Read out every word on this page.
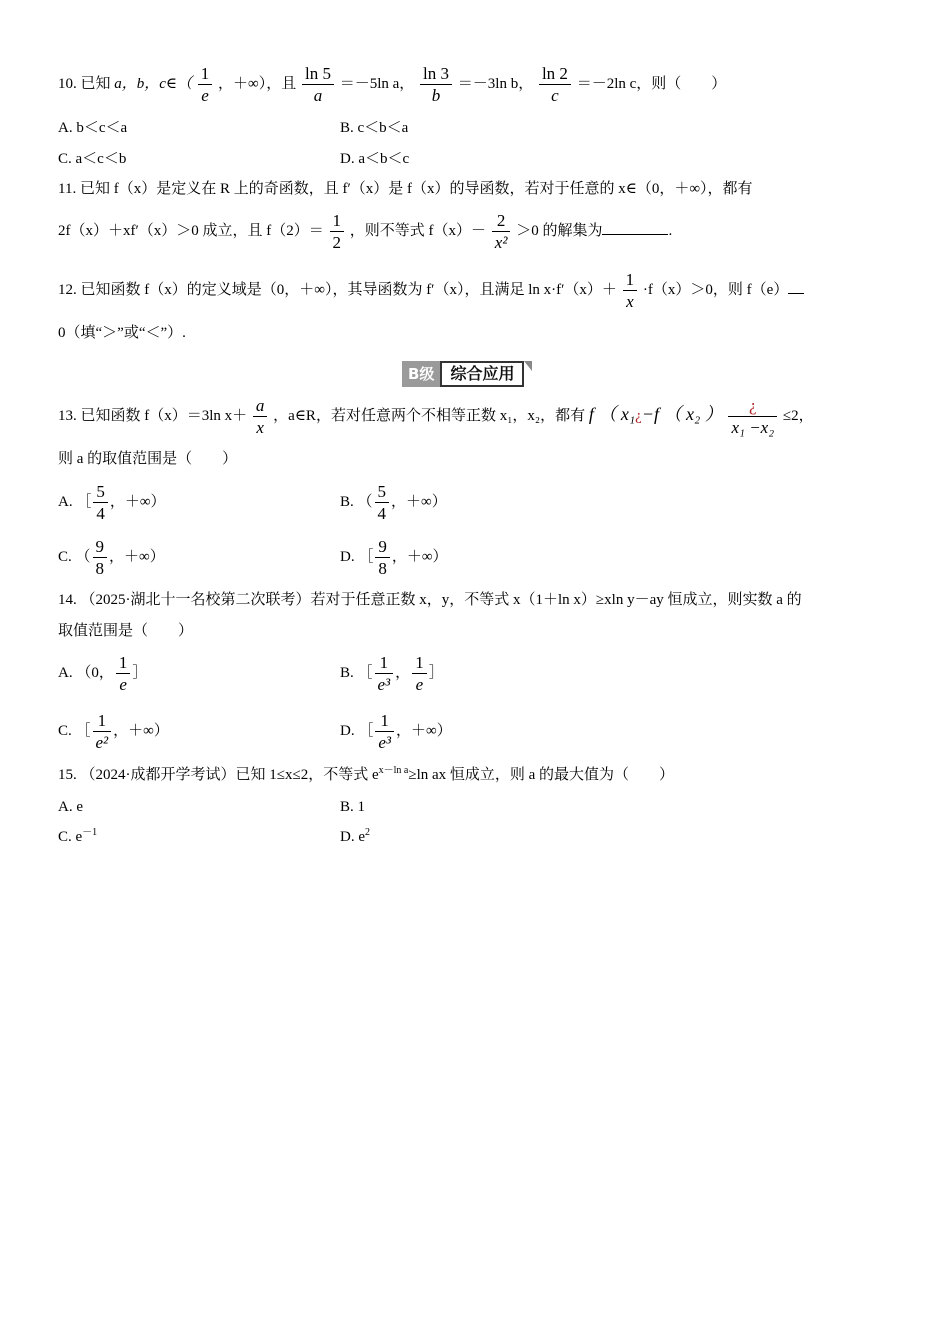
10. 已知 a，b，c∈（ $\frac{1}{e}$ ，＋∞），且 $\frac{\ln 5}{a} =-5\ln$ a， $\frac{\ln 3}{b} =-3\ln$ b， $\frac{\ln 2}{c} =-2\ln$ c，则（　　）
A. b＜c＜a	B. c＜b＜a
C. a＜c＜b	D. a＜b＜c
11. 已知 f（x）是定义在 R 上的奇函数，且 f′（x）是 f（x）的导函数，若对于任意的 x∈（0，＋∞），都有
2f（x）＋xf′（x）＞0 成立，且 $f(2)= \frac{1}{2}$ ，则不等式 $f(x)- \frac{2}{\text{x²}} >0$ 的解集为	.
12. 已知函数 f（x）的定义域是（0，＋∞），其导函数为 f′（x），且满足 $\ln x\cdot f'(x)+ \frac{1}{x} \cdot f(x)>0$，则 f（e）
0（填“＞”或“＜”）.
B级	综合应用
13. 已知函数 f（x）＝3ln $x+ \frac{a}{x}$ ，a∈R，若对任意两个不相等正数 x₁，x₂，都有 f （ x₁¿−f （ x₂ ） $\frac{¿}{\text{x₁ −x₂}} \le 2$，
则 a 的取值范围是（　　）
A. ［ $\frac{5}{4}$ ，＋∞）	B. （ $\frac{5}{4}$ ，＋∞）
C. （ $\frac{9}{8}$ ，＋∞）	D. ［ $\frac{9}{8}$ ，＋∞）
14. （2025·湖北十一名校第二次联考）若对于任意正数 x，y，不等式 x（1＋ln x）≥xln y－ay 恒成立，则实数 a 的
取值范围是（　　）
A. （0， $\frac{1}{e}$ ］	B. ［ $\frac{1}{\text{e³}}$ ， $\frac{1}{e}$ ］
C. ［ $\frac{1}{\text{e²}}$ ，＋∞）	D. ［ $\frac{1}{\text{e³}}$ ，＋∞）
15. （2024·成都开学考试）已知 1≤x≤2，不等式 $e^{x-ln a}\ge\ln$ ax 恒成立，则 a 的最大值为（　　）
A. e	B. 1
C. $e^{-1}$	D. $e^2$
